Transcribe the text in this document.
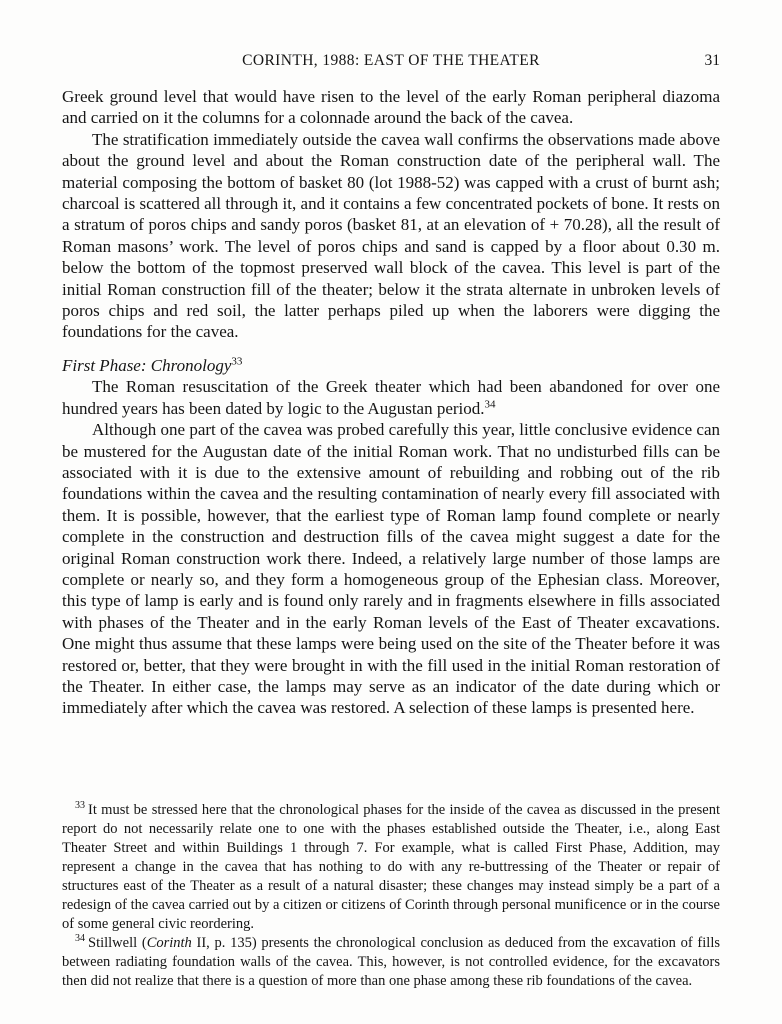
CORINTH, 1988: EAST OF THE THEATER	31

Greek ground level that would have risen to the level of the early Roman peripheral diazoma and carried on it the columns for a colonnade around the back of the cavea.

The stratification immediately outside the cavea wall confirms the observations made above about the ground level and about the Roman construction date of the peripheral wall. The material composing the bottom of basket 80 (lot 1988-52) was capped with a crust of burnt ash; charcoal is scattered all through it, and it contains a few concentrated pockets of bone. It rests on a stratum of poros chips and sandy poros (basket 81, at an elevation of + 70.28), all the result of Roman masons’ work. The level of poros chips and sand is capped by a floor about 0.30 m. below the bottom of the topmost preserved wall block of the cavea. This level is part of the initial Roman construction fill of the theater; below it the strata alternate in unbroken levels of poros chips and red soil, the latter perhaps piled up when the laborers were digging the foundations for the cavea.

First Phase: Chronology$^{33}$

The Roman resuscitation of the Greek theater which had been abandoned for over one hundred years has been dated by logic to the Augustan period.$^{34}$

Although one part of the cavea was probed carefully this year, little conclusive evidence can be mustered for the Augustan date of the initial Roman work. That no undisturbed fills can be associated with it is due to the extensive amount of rebuilding and robbing out of the rib foundations within the cavea and the resulting contamination of nearly every fill associated with them. It is possible, however, that the earliest type of Roman lamp found complete or nearly complete in the construction and destruction fills of the cavea might suggest a date for the original Roman construction work there. Indeed, a relatively large number of those lamps are complete or nearly so, and they form a homogeneous group of the Ephesian class. Moreover, this type of lamp is early and is found only rarely and in fragments elsewhere in fills associated with phases of the Theater and in the early Roman levels of the East of Theater excavations. One might thus assume that these lamps were being used on the site of the Theater before it was restored or, better, that they were brought in with the fill used in the initial Roman restoration of the Theater. In either case, the lamps may serve as an indicator of the date during which or immediately after which the cavea was restored. A selection of these lamps is presented here.

$^{33}$ It must be stressed here that the chronological phases for the inside of the cavea as discussed in the present report do not necessarily relate one to one with the phases established outside the Theater, i.e., along East Theater Street and within Buildings 1 through 7. For example, what is called First Phase, Addition, may represent a change in the cavea that has nothing to do with any re-buttressing of the Theater or repair of structures east of the Theater as a result of a natural disaster; these changes may instead simply be a part of a redesign of the cavea carried out by a citizen or citizens of Corinth through personal munificence or in the course of some general civic reordering.

$^{34}$ Stillwell (Corinth II, p. 135) presents the chronological conclusion as deduced from the excavation of fills between radiating foundation walls of the cavea. This, however, is not controlled evidence, for the excavators then did not realize that there is a question of more than one phase among these rib foundations of the cavea.
